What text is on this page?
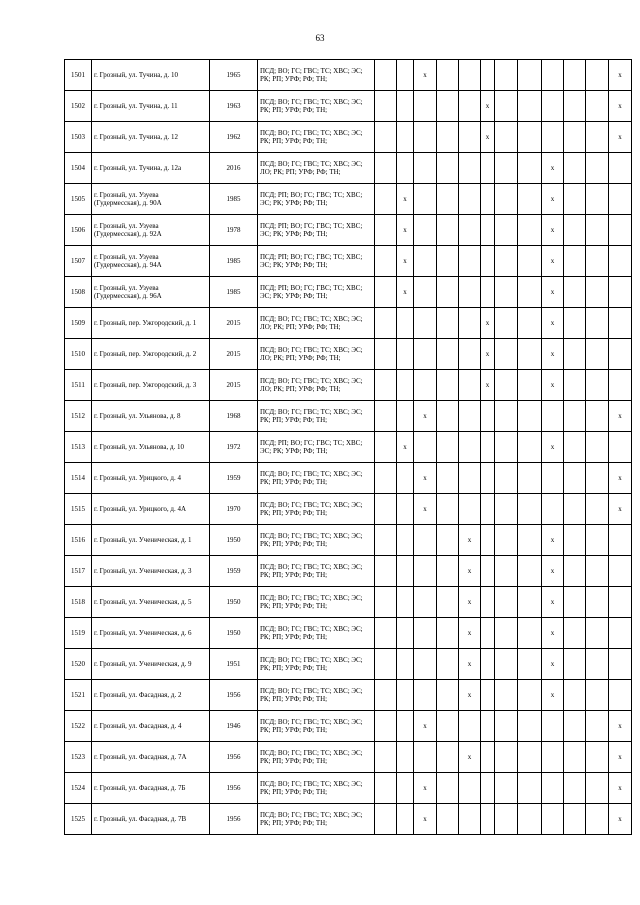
63
1501	г. Грозный, ул. Тучина, д. 10	1965	ПСД; ВО; ГС; ГВС; ТС; ХВС; ЭС; РК; РП; УРФ; РФ; ТН;			x									x
1502	г. Грозный, ул. Тучина, д. 11	1963	ПСД; ВО; ГС; ГВС; ТС; ХВС; ЭС; РК; РП; УРФ; РФ; ТН;						x						x
1503	г. Грозный, ул. Тучина, д. 12	1962	ПСД; ВО; ГС; ГВС; ТС; ХВС; ЭС; РК; РП; УРФ; РФ; ТН;						x						x
1504	г. Грозный, ул. Тучина, д. 12а	2016	ПСД; ВО; ГС; ГВС; ТС; ХВС; ЭС; ЛО; РК; РП; УРФ; РФ; ТН;									x			
1505	г. Грозный, ул. Узуева (Гудермесская), д. 90А	1985	ПСД; РП; ВО; ГС; ГВС; ТС; ХВС; ЭС; РК; УРФ; РФ; ТН;		x							x			
1506	г. Грозный, ул. Узуева (Гудермесская), д. 92А	1978	ПСД; РП; ВО; ГС; ГВС; ТС; ХВС; ЭС; РК; УРФ; РФ; ТН;		x							x			
1507	г. Грозный, ул. Узуева (Гудермесская), д. 94А	1985	ПСД; РП; ВО; ГС; ГВС; ТС; ХВС; ЭС; РК; УРФ; РФ; ТН;		x							x			
1508	г. Грозный, ул. Узуева (Гудермесская), д. 96А	1985	ПСД; РП; ВО; ГС; ГВС; ТС; ХВС; ЭС; РК; УРФ; РФ; ТН;		x							x			
1509	г. Грозный, пер. Ужгородский, д. 1	2015	ПСД; ВО; ГС; ГВС; ТС; ХВС; ЭС; ЛО; РК; РП; УРФ; РФ; ТН;						x			x			
1510	г. Грозный, пер. Ужгородский, д. 2	2015	ПСД; ВО; ГС; ГВС; ТС; ХВС; ЭС; ЛО; РК; РП; УРФ; РФ; ТН;						x			x			
1511	г. Грозный, пер. Ужгородский, д. 3	2015	ПСД; ВО; ГС; ГВС; ТС; ХВС; ЭС; ЛО; РК; РП; УРФ; РФ; ТН;						x			x			
1512	г. Грозный, ул. Ульянова, д. 8	1968	ПСД; ВО; ГС; ГВС; ТС; ХВС; ЭС; РК; РП; УРФ; РФ; ТН;			x									x
1513	г. Грозный, ул. Ульянова, д. 10	1972	ПСД; РП; ВО; ГС; ГВС; ТС; ХВС; ЭС; РК; УРФ; РФ; ТН;		x							x			
1514	г. Грозный, ул. Урицкого, д. 4	1959	ПСД; ВО; ГС; ГВС; ТС; ХВС; ЭС; РК; РП; УРФ; РФ; ТН;			x									x
1515	г. Грозный, ул. Урицкого, д. 4А	1970	ПСД; ВО; ГС; ГВС; ТС; ХВС; ЭС; РК; РП; УРФ; РФ; ТН;			x									x
1516	г. Грозный, ул. Ученическая, д. 1	1950	ПСД; ВО; ГС; ГВС; ТС; ХВС; ЭС; РК; РП; УРФ; РФ; ТН;					x				x			
1517	г. Грозный, ул. Ученическая, д. 3	1959	ПСД; ВО; ГС; ГВС; ТС; ХВС; ЭС; РК; РП; УРФ; РФ; ТН;					x				x			
1518	г. Грозный, ул. Ученическая, д. 5	1950	ПСД; ВО; ГС; ГВС; ТС; ХВС; ЭС; РК; РП; УРФ; РФ; ТН;					x				x			
1519	г. Грозный, ул. Ученическая, д. 6	1950	ПСД; ВО; ГС; ГВС; ТС; ХВС; ЭС; РК; РП; УРФ; РФ; ТН;					x				x			
1520	г. Грозный, ул. Ученическая, д. 9	1951	ПСД; ВО; ГС; ГВС; ТС; ХВС; ЭС; РК; РП; УРФ; РФ; ТН;					x				x			
1521	г. Грозный, ул. Фасадная, д. 2	1956	ПСД; ВО; ГС; ГВС; ТС; ХВС; ЭС; РК; РП; УРФ; РФ; ТН;					x				x			
1522	г. Грозный, ул. Фасадная, д. 4	1946	ПСД; ВО; ГС; ГВС; ТС; ХВС; ЭС; РК; РП; УРФ; РФ; ТН;			x									x
1523	г. Грозный, ул. Фасадная, д. 7А	1956	ПСД; ВО; ГС; ГВС; ТС; ХВС; ЭС; РК; РП; УРФ; РФ; ТН;					x							x
1524	г. Грозный, ул. Фасадная, д. 7Б	1956	ПСД; ВО; ГС; ГВС; ТС; ХВС; ЭС; РК; РП; УРФ; РФ; ТН;			x									x
1525	г. Грозный, ул. Фасадная, д. 7В	1956	ПСД; ВО; ГС; ГВС; ТС; ХВС; ЭС; РК; РП; УРФ; РФ; ТН;			x									x
